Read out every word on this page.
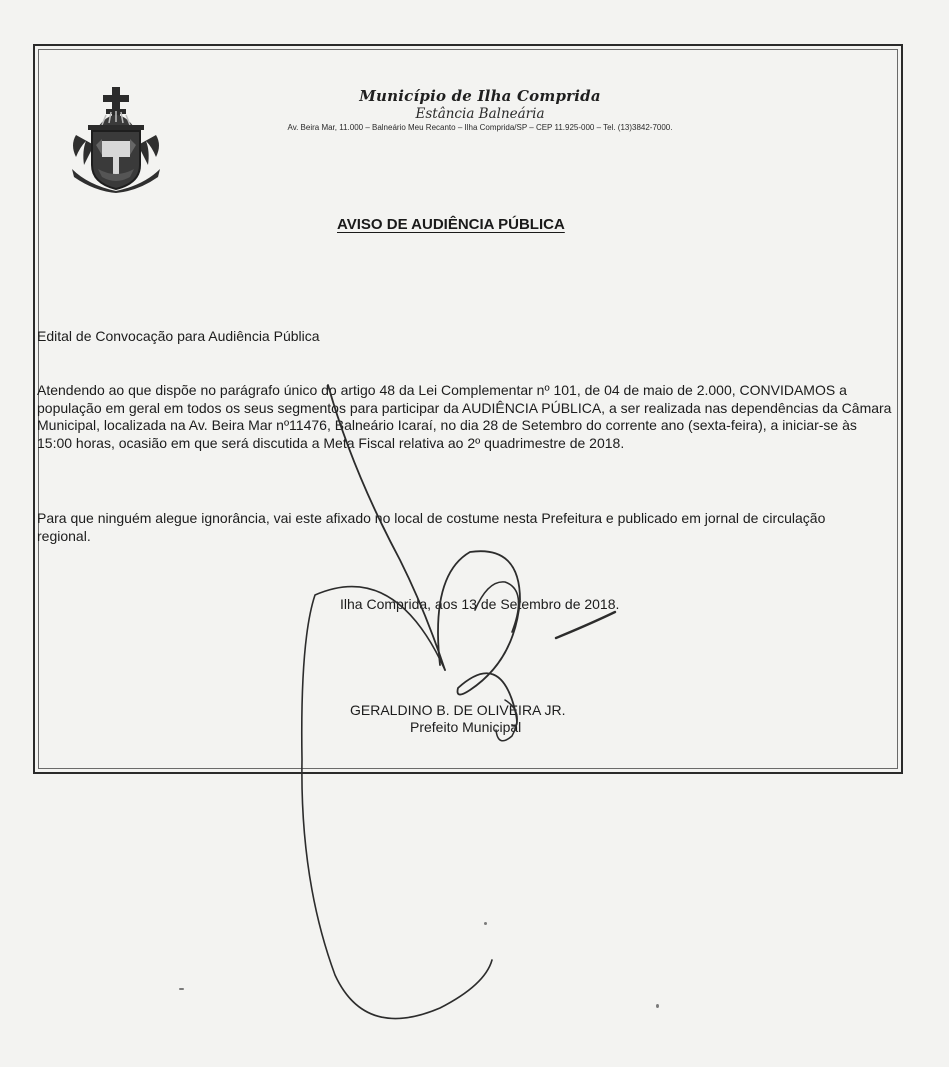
Município de Ilha Comprida
Estância Balneária
Av. Beira Mar, 11.000 – Balneário Meu Recanto – Ilha Comprida/SP – CEP 11.925-000 – Tel. (13)3842-7000.
AVISO DE AUDIÊNCIA PÚBLICA
Edital de Convocação para Audiência Pública
Atendendo ao que dispõe no parágrafo único do artigo 48 da Lei Complementar nº 101, de 04 de maio de 2.000, CONVIDAMOS a população em geral em todos os seus segmentos para participar da AUDIÊNCIA PÚBLICA, a ser realizada nas dependências da Câmara Municipal, localizada na Av. Beira Mar nº11476, Balneário Icaraí, no dia 28 de Setembro do corrente ano (sexta-feira), a iniciar-se às 15:00 horas, ocasião em que será discutida a Meta Fiscal relativa ao 2º quadrimestre de 2018.
Para que ninguém alegue ignorância, vai este afixado no local de costume nesta Prefeitura e publicado em jornal de circulação regional.
Ilha Comprida, aos 13 de Setembro de 2018.
GERALDINO B. DE OLIVEIRA JR.
Prefeito Municipal
